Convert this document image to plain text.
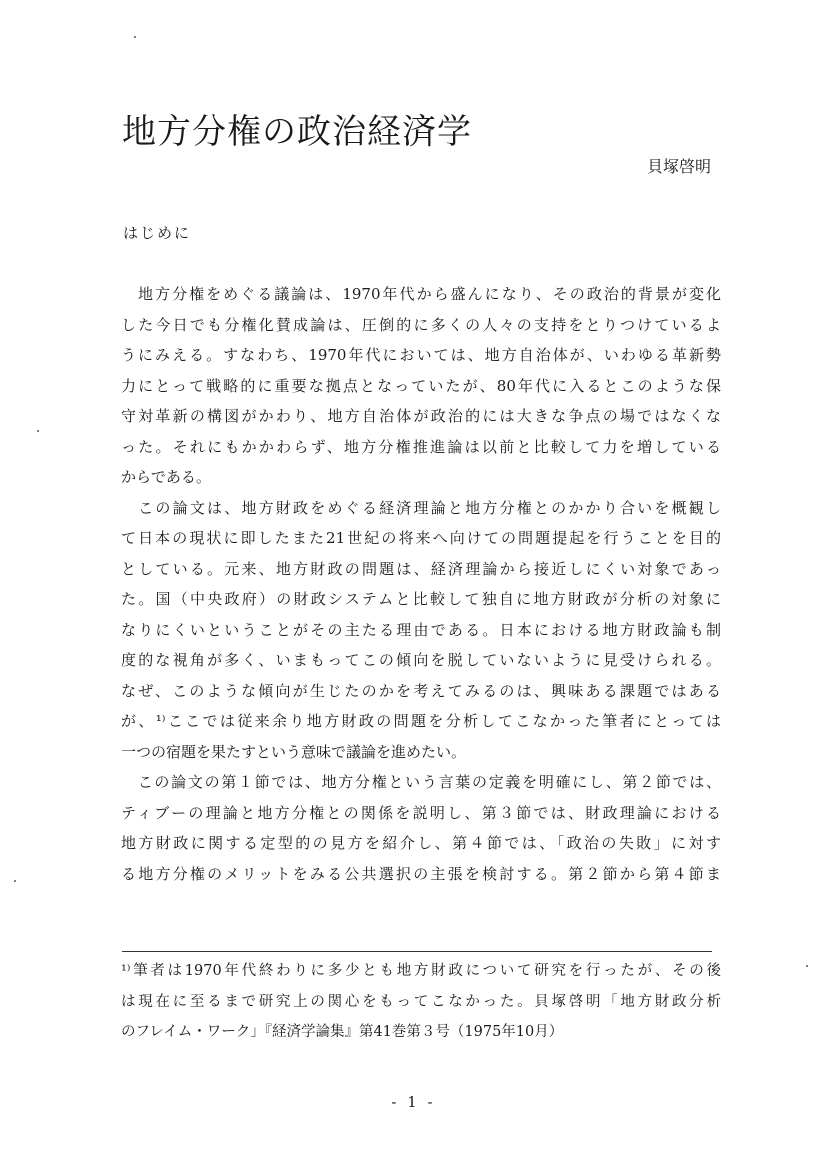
地方分権の政治経済学
貝塚啓明
はじめに
　地方分権をめぐる議論は、1970年代から盛んになり、その政治的背景が変化
した今日でも分権化賛成論は、圧倒的に多くの人々の支持をとりつけているよ
うにみえる。すなわち、1970年代においては、地方自治体が、いわゆる革新勢
力にとって戦略的に重要な拠点となっていたが、80年代に入るとこのような保
守対革新の構図がかわり、地方自治体が政治的には大きな争点の場ではなくな
った。それにもかかわらず、地方分権推進論は以前と比較して力を増している
からである。
　この論文は、地方財政をめぐる経済理論と地方分権とのかかり合いを概観し
て日本の現状に即したまた21世紀の将来へ向けての問題提起を行うことを目的
としている。元来、地方財政の問題は、経済理論から接近しにくい対象であっ
た。国（中央政府）の財政システムと比較して独自に地方財政が分析の対象に
なりにくいということがその主たる理由である。日本における地方財政論も制
度的な視角が多く、いまもってこの傾向を脱していないように見受けられる。
なぜ、このような傾向が生じたのかを考えてみるのは、興味ある課題ではある
が、¹⁾ここでは従来余り地方財政の問題を分析してこなかった筆者にとっては
一つの宿題を果たすという意味で議論を進めたい。
　この論文の第１節では、地方分権という言葉の定義を明確にし、第２節では、
ティブーの理論と地方分権との関係を説明し、第３節では、財政理論における
地方財政に関する定型的の見方を紹介し、第４節では、「政治の失敗」に対す
る地方分権のメリットをみる公共選択の主張を検討する。第２節から第４節ま
¹⁾筆者は1970年代終わりに多少とも地方財政について研究を行ったが、その後
は現在に至るまで研究上の関心をもってこなかった。貝塚啓明「地方財政分析
のフレイム・ワーク」『経済学論集』第41巻第３号（1975年10月）
- 1 -
